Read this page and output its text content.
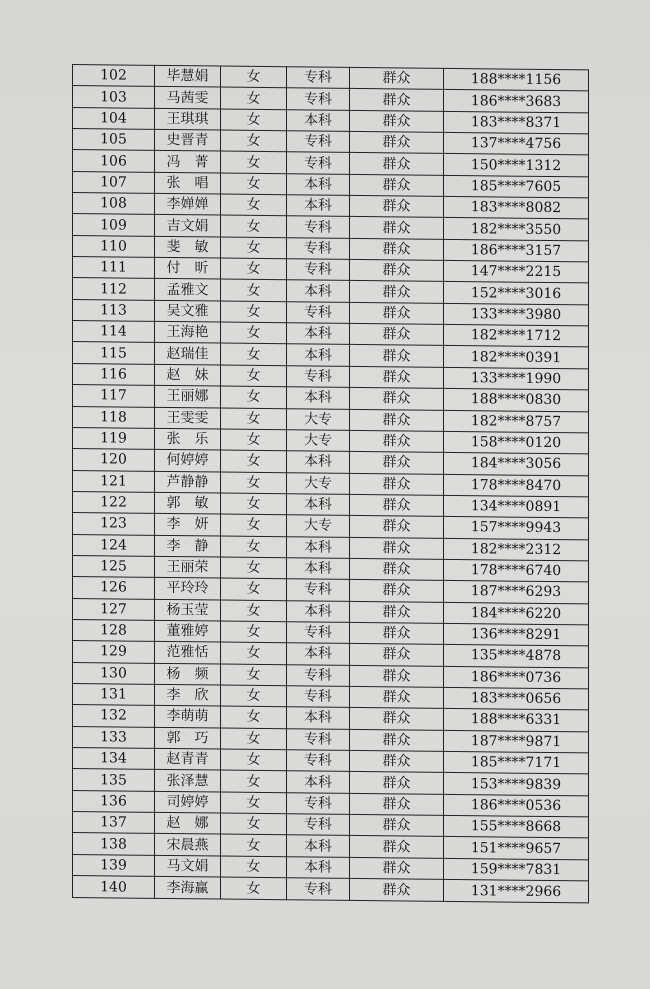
102	毕慧娟	女	专科	群众	188****1156
103	马茜雯	女	专科	群众	186****3683
104	王琪琪	女	本科	群众	183****8371
105	史晋青	女	专科	群众	137****4756
106	冯　菁	女	专科	群众	150****1312
107	张　唱	女	本科	群众	185****7605
108	李婵婵	女	本科	群众	183****8082
109	吉文娟	女	专科	群众	182****3550
110	斐　敏	女	专科	群众	186****3157
111	付　昕	女	专科	群众	147****2215
112	孟雅文	女	本科	群众	152****3016
113	吴文雅	女	专科	群众	133****3980
114	王海艳	女	本科	群众	182****1712
115	赵瑞佳	女	本科	群众	182****0391
116	赵　妹	女	专科	群众	133****1990
117	王丽娜	女	本科	群众	188****0830
118	王雯雯	女	大专	群众	182****8757
119	张　乐	女	大专	群众	158****0120
120	何婷婷	女	本科	群众	184****3056
121	芦静静	女	大专	群众	178****8470
122	郭　敏	女	本科	群众	134****0891
123	李　妍	女	大专	群众	157****9943
124	李　静	女	本科	群众	182****2312
125	王丽荣	女	本科	群众	178****6740
126	平玲玲	女	专科	群众	187****6293
127	杨玉莹	女	本科	群众	184****6220
128	董雅婷	女	专科	群众	136****8291
129	范雅恬	女	本科	群众	135****4878
130	杨　频	女	专科	群众	186****0736
131	李　欣	女	专科	群众	183****0656
132	李萌萌	女	本科	群众	188****6331
133	郭　巧	女	专科	群众	187****9871
134	赵青青	女	专科	群众	185****7171
135	张泽慧	女	本科	群众	153****9839
136	司婷婷	女	专科	群众	186****0536
137	赵　娜	女	专科	群众	155****8668
138	宋晨燕	女	本科	群众	151****9657
139	马文娟	女	本科	群众	159****7831
140	李海赢	女	专科	群众	131****2966
